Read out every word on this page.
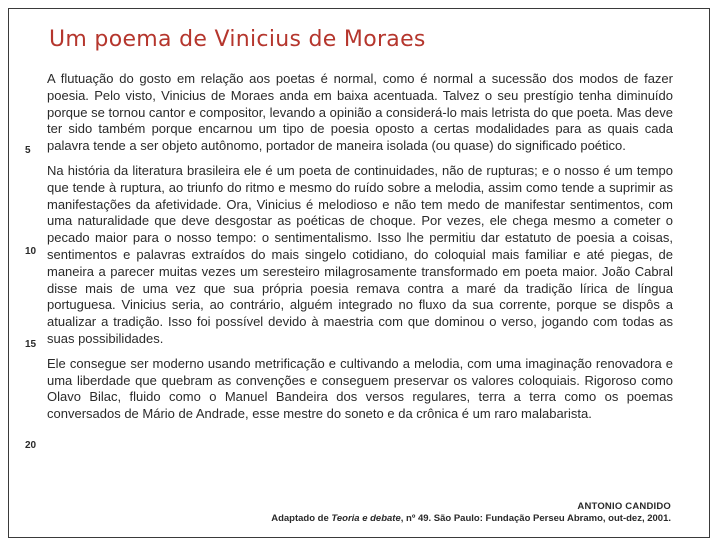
Um poema de Vinicius de Moraes

A flutuação do gosto em relação aos poetas é normal, como é normal a sucessão dos modos de fazer poesia. Pelo visto, Vinicius de Moraes anda em baixa acentuada. Talvez o seu prestígio tenha diminuído porque se tornou cantor e compositor, levando a opinião a considerá-lo mais letrista do que poeta. Mas deve ter sido também porque encarnou um tipo de poesia oposto a certas modalidades para as quais cada palavra tende a ser objeto autônomo, portador de maneira isolada (ou quase) do significado poético.

Na história da literatura brasileira ele é um poeta de continuidades, não de rupturas; e o nosso é um tempo que tende à ruptura, ao triunfo do ritmo e mesmo do ruído sobre a melodia, assim como tende a suprimir as manifestações da afetividade. Ora, Vinicius é melodioso e não tem medo de manifestar sentimentos, com uma naturalidade que deve desgostar as poéticas de choque. Por vezes, ele chega mesmo a cometer o pecado maior para o nosso tempo: o sentimentalismo. Isso lhe permitiu dar estatuto de poesia a coisas, sentimentos e palavras extraídos do mais singelo cotidiano, do coloquial mais familiar e até piegas, de maneira a parecer muitas vezes um seresteiro milagrosamente transformado em poeta maior. João Cabral disse mais de uma vez que sua própria poesia remava contra a maré da tradição lírica de língua portuguesa. Vinicius seria, ao contrário, alguém integrado no fluxo da sua corrente, porque se dispôs a atualizar a tradição. Isso foi possível devido à maestria com que dominou o verso, jogando com todas as suas possibilidades.

Ele consegue ser moderno usando metrificação e cultivando a melodia, com uma imaginação renovadora e uma liberdade que quebram as convenções e conseguem preservar os valores coloquiais. Rigoroso como Olavo Bilac, fluido como o Manuel Bandeira dos versos regulares, terra a terra como os poemas conversados de Mário de Andrade, esse mestre do soneto e da crônica é um raro malabarista.

5
10
15
20
ANTONIO CANDIDO
Adaptado de Teoria e debate, nº 49. São Paulo: Fundação Perseu Abramo, out-dez, 2001.
